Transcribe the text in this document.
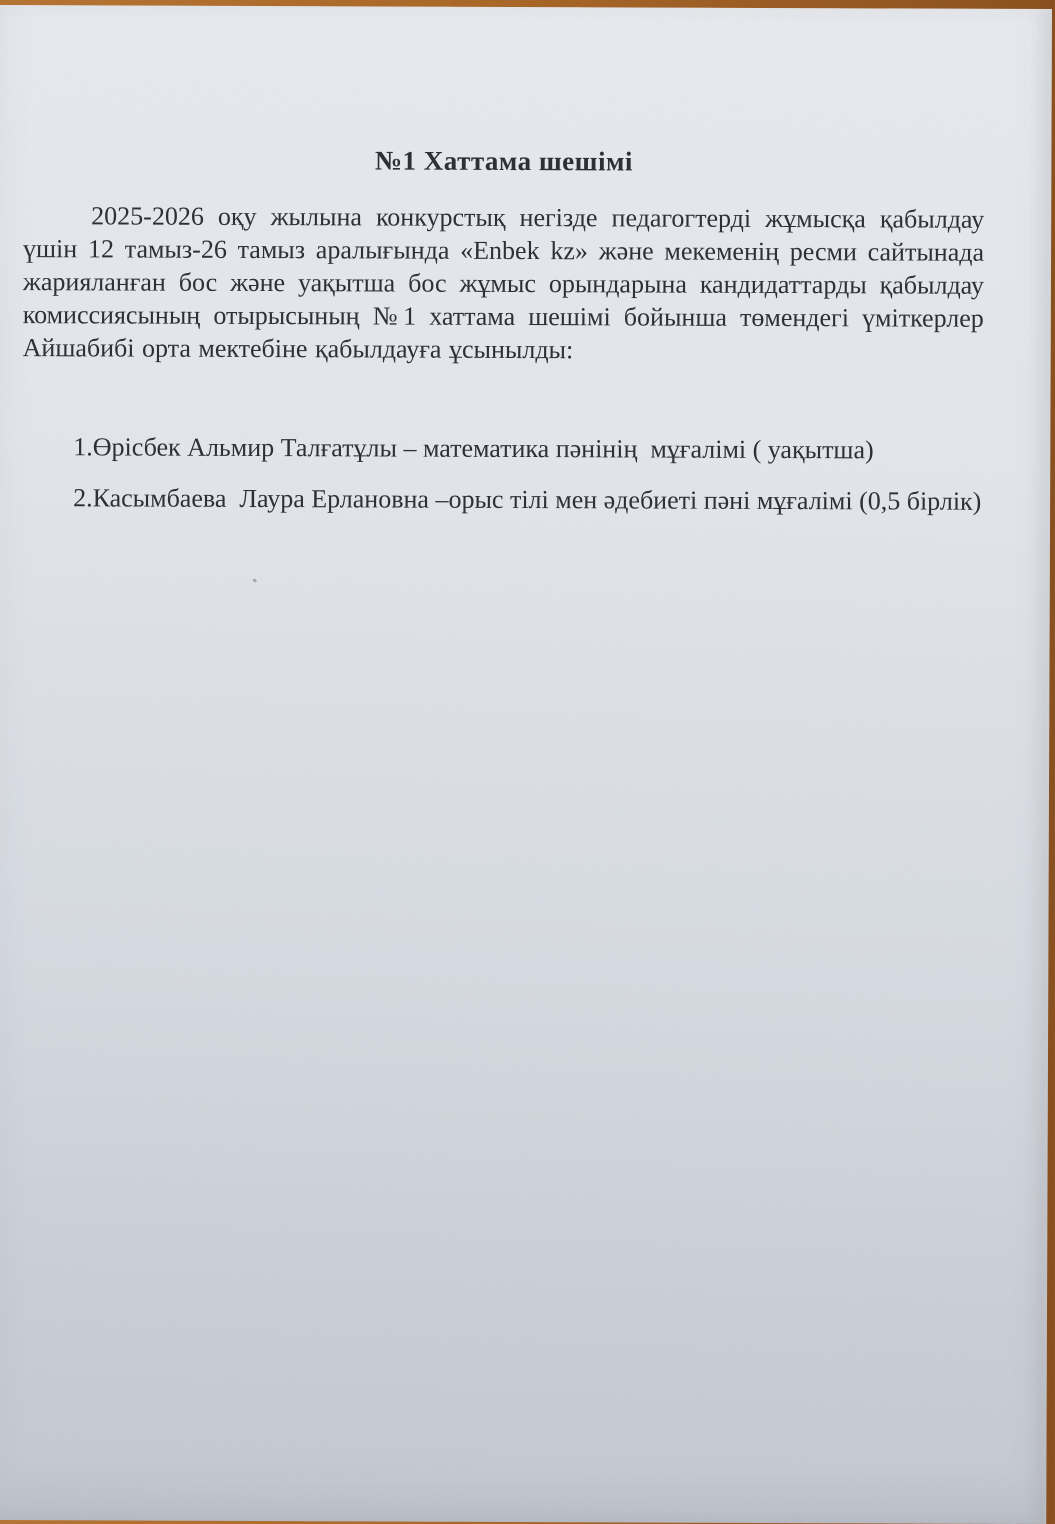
№1 Хаттама шешімі
2025-2026 оқу жылына конкурстық негізде педагогтерді жұмысқа қабылдау
үшін 12 тамыз-26 тамыз аралығында «Enbek kz» және мекеменің ресми сайтынада
жарияланған бос және уақытша бос жұмыс орындарына кандидаттарды қабылдау
комиссиясының отырысының №1 хаттама шешімі бойынша төмендегі үміткерлер
Айшабибі орта мектебіне қабылдауға ұсынылды:
1.Өрісбек Альмир Талғатұлы – математика пәнінің  мұғалімі ( уақытша)
2.Касымбаева  Лаура Ерлановна –орыс тілі мен әдебиеті пәні мұғалімі (0,5 бірлік)
